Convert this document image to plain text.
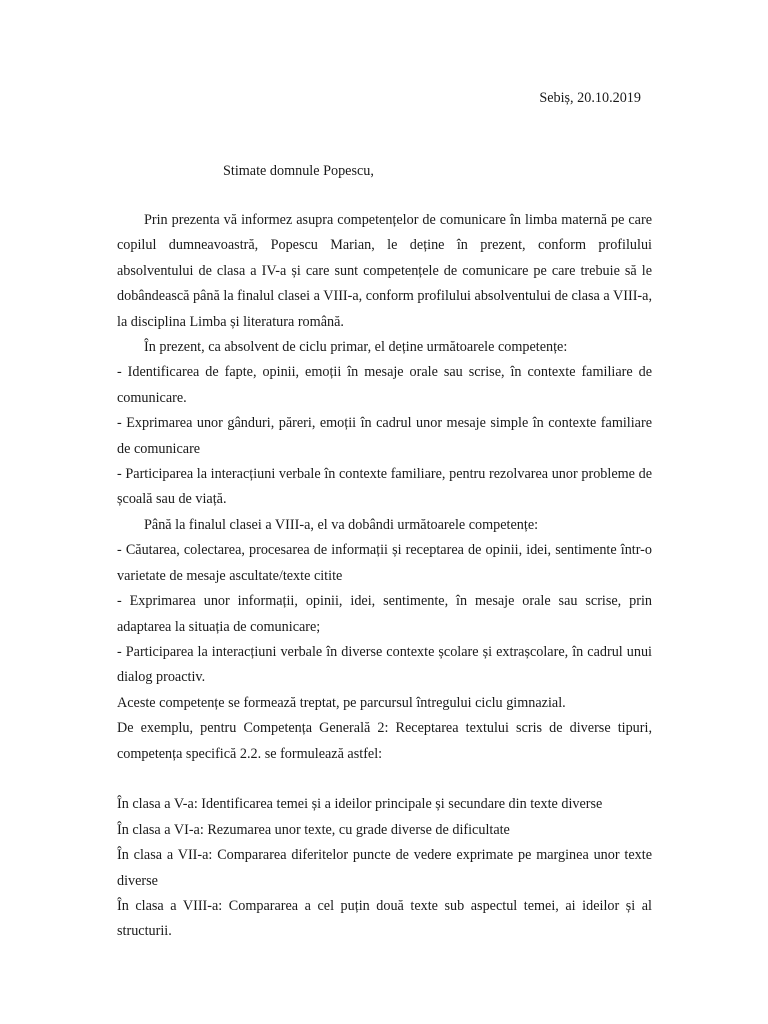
Sebiș, 20.10.2019
Stimate domnule Popescu,

Prin prezenta vă informez asupra competențelor de comunicare în limba maternă pe care copilul dumneavoastră, Popescu Marian, le deține în prezent, conform profilului absolventului de clasa a IV-a și care sunt competențele de comunicare pe care trebuie să le dobândească până la finalul clasei a VIII-a, conform profilului absolventului de clasa a VIII-a, la disciplina Limba și literatura română.

În prezent, ca absolvent de ciclu primar, el deține următoarele competențe:

- Identificarea de fapte, opinii, emoții în mesaje orale sau scrise, în contexte familiare de comunicare.

- Exprimarea unor gânduri, păreri, emoții în cadrul unor mesaje simple în contexte familiare de comunicare

- Participarea la interacțiuni verbale în contexte familiare, pentru rezolvarea unor probleme de școală sau de viață.

Până la finalul clasei a VIII-a, el va dobândi următoarele competențe:

- Căutarea, colectarea, procesarea de informații și receptarea de opinii, idei, sentimente într-o varietate de mesaje ascultate/texte citite

- Exprimarea unor informații, opinii, idei, sentimente, în mesaje orale sau scrise, prin adaptarea la situația de comunicare;

- Participarea la interacțiuni verbale în diverse contexte școlare și extrașcolare, în cadrul unui dialog proactiv.

Aceste competențe se formează treptat, pe parcursul întregului ciclu gimnazial.

De exemplu, pentru Competența Generală 2: Receptarea textului scris de diverse tipuri, competența specifică 2.2. se formulează astfel:

În clasa a V-a: Identificarea temei și a ideilor principale și secundare din texte diverse

În clasa a VI-a: Rezumarea unor texte, cu grade diverse de dificultate

În clasa a VII-a: Compararea diferitelor puncte de vedere exprimate pe marginea unor texte diverse

În clasa a VIII-a: Compararea a cel puțin două texte sub aspectul temei, ai ideilor și al structurii.
